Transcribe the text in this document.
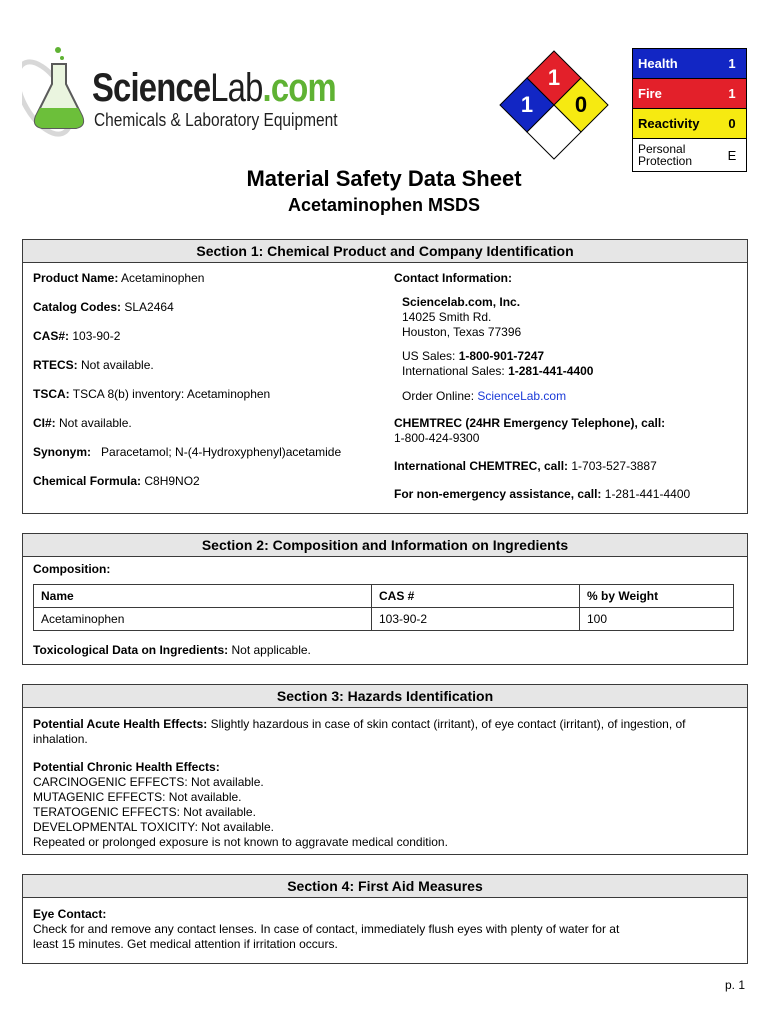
ScienceLab.com
Chemicals & Laboratory Equipment
1
1	0
Health	1
Fire	1
Reactivity	0
Personal
Protection	E
Material Safety Data Sheet
Acetaminophen MSDS
Section 1: Chemical Product and Company Identification
Product Name: Acetaminophen
Catalog Codes: SLA2464
CAS#: 103-90-2
RTECS: Not available.
TSCA: TSCA 8(b) inventory: Acetaminophen
CI#: Not available.
Synonym:   Paracetamol; N-(4-Hydroxyphenyl)acetamide
Chemical Formula: C8H9NO2

Contact Information:

Sciencelab.com, Inc.

14025 Smith Rd.

Houston, Texas 77396

US Sales: 1-800-901-7247

International Sales: 1-281-441-4400

Order Online: ScienceLab.com

CHEMTREC (24HR Emergency Telephone), call:

1-800-424-9300

International CHEMTREC, call: 1-703-527-3887

For non-emergency assistance, call: 1-281-441-4400

Section 2: Composition and Information on Ingredients
Composition:
Name	CAS #	% by Weight
Acetaminophen	103-90-2	100
Toxicological Data on Ingredients: Not applicable.
Section 3: Hazards Identification

Potential Acute Health Effects: Slightly hazardous in case of skin contact (irritant), of eye contact (irritant), of ingestion, of inhalation.

Potential Chronic Health Effects:

CARCINOGENIC EFFECTS: Not available.

MUTAGENIC EFFECTS: Not available.

TERATOGENIC EFFECTS: Not available.

DEVELOPMENTAL TOXICITY: Not available.

Repeated or prolonged exposure is not known to aggravate medical condition.

Section 4: First Aid Measures

Eye Contact:

Check for and remove any contact lenses. In case of contact, immediately flush eyes with plenty of water for at

least 15 minutes. Get medical attention if irritation occurs.

p. 1
